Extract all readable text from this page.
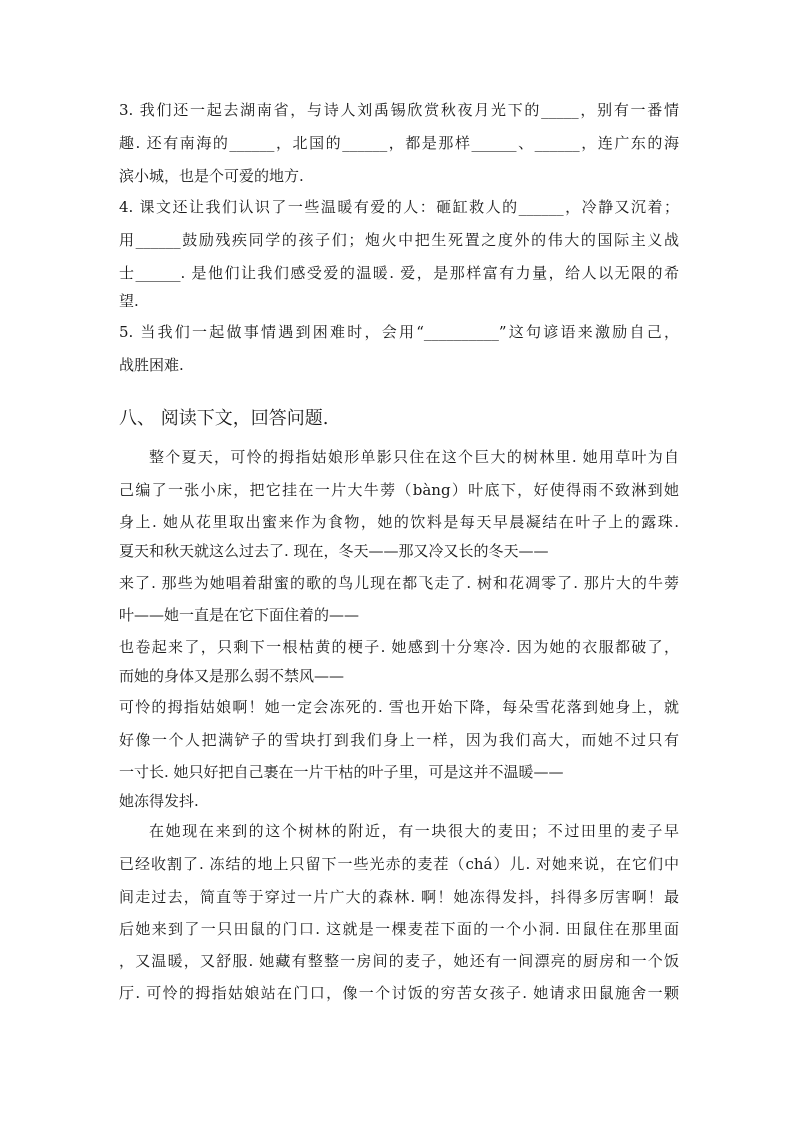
3. 我们还一起去湖南省，与诗人刘禹锡欣赏秋夜月光下的_____，别有一番情
趣. 还有南海的______，北国的______，都是那样______、______，连广东的海
滨小城，也是个可爱的地方.
4. 课文还让我们认识了一些温暖有爱的人：砸缸救人的______，冷静又沉着；
用______鼓励残疾同学的孩子们；炮火中把生死置之度外的伟大的国际主义战
士______. 是他们让我们感受爱的温暖. 爱，是那样富有力量，给人以无限的希
望.
5. 当我们一起做事情遇到困难时，会用“__________”这句谚语来激励自己，
战胜困难.
八、 阅读下文，回答问题.
整个夏天，可怜的拇指姑娘形单影只住在这个巨大的树林里. 她用草叶为自
己编了一张小床，把它挂在一片大牛蒡（bàng）叶底下，好使得雨不致淋到她
身上. 她从花里取出蜜来作为食物，她的饮料是每天早晨凝结在叶子上的露珠.
夏天和秋天就这么过去了. 现在，冬天——那又冷又长的冬天——
来了. 那些为她唱着甜蜜的歌的鸟儿现在都飞走了. 树和花凋零了. 那片大的牛蒡
叶——她一直是在它下面住着的——
也卷起来了，只剩下一根枯黄的梗子. 她感到十分寒冷. 因为她的衣服都破了，
而她的身体又是那么弱不禁风——
可怜的拇指姑娘啊！她一定会冻死的. 雪也开始下降，每朵雪花落到她身上，就
好像一个人把满铲子的雪块打到我们身上一样，因为我们高大，而她不过只有
一寸长. 她只好把自己裹在一片干枯的叶子里，可是这并不温暖——
她冻得发抖.
在她现在来到的这个树林的附近，有一块很大的麦田；不过田里的麦子早
已经收割了. 冻结的地上只留下一些光赤的麦茬（chá）儿. 对她来说，在它们中
间走过去，简直等于穿过一片广大的森林. 啊！她冻得发抖，抖得多厉害啊！最
后她来到了一只田鼠的门口. 这就是一棵麦茬下面的一个小洞. 田鼠住在那里面
，又温暖，又舒服. 她藏有整整一房间的麦子，她还有一间漂亮的厨房和一个饭
厅. 可怜的拇指姑娘站在门口，像一个讨饭的穷苦女孩子. 她请求田鼠施舍一颗
